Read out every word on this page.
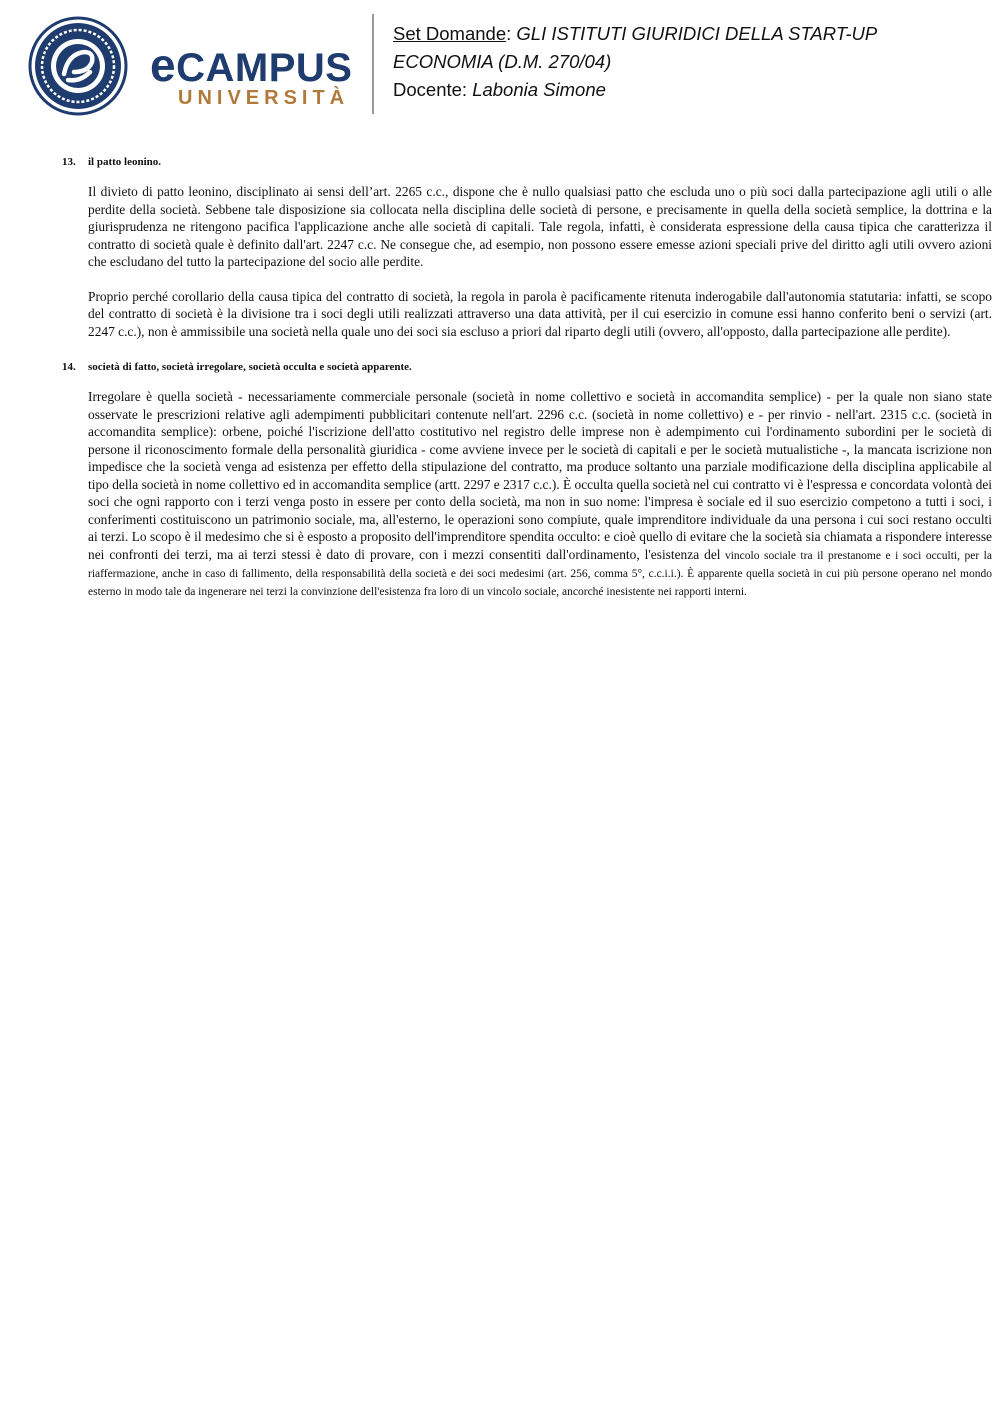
eCAMPUS
UNIVERSITÀ
Set Domande: GLI ISTITUTI GIURIDICI DELLA START-UP
ECONOMIA (D.M. 270/04)
Docente: Labonia Simone
13.	il patto leonino.
Il divieto di patto leonino, disciplinato ai sensi dell’art. 2265 c.c., dispone che è nullo qualsiasi patto che escluda uno o più soci dalla partecipazione agli utili o alle perdite della società. Sebbene tale disposizione sia collocata nella disciplina delle società di persone, e precisamente in quella della società semplice, la dottrina e la giurisprudenza ne ritengono pacifica l'applicazione anche alle società di capitali. Tale regola, infatti, è considerata espressione della causa tipica che caratterizza il contratto di società quale è definito dall'art. 2247 c.c. Ne consegue che, ad esempio, non possono essere emesse azioni speciali prive del diritto agli utili ovvero azioni che escludano del tutto la partecipazione del socio alle perdite.
Proprio perché corollario della causa tipica del contratto di società, la regola in parola è pacificamente ritenuta inderogabile dall'autonomia statutaria: infatti, se scopo del contratto di società è la divisione tra i soci degli utili realizzati attraverso una data attività, per il cui esercizio in comune essi hanno conferito beni o servizi (art. 2247 c.c.), non è ammissibile una società nella quale uno dei soci sia escluso a priori dal riparto degli utili (ovvero, all'opposto, dalla partecipazione alle perdite).
14.	società di fatto, società irregolare, società occulta e società apparente.
Irregolare è quella società - necessariamente commerciale personale (società in nome collettivo e società in accomandita semplice) - per la quale non siano state osservate le prescrizioni relative agli adempimenti pubblicitari contenute nell'art. 2296 c.c. (società in nome collettivo) e - per rinvio - nell'art. 2315 c.c. (società in accomandita semplice): orbene, poiché l'iscrizione dell'atto costitutivo nel registro delle imprese non è adempimento cui l'ordinamento subordini per le società di persone il riconoscimento formale della personalità giuridica - come avviene invece per le società di capitali e per le società mutualistiche -, la mancata iscrizione non impedisce che la società venga ad esistenza per effetto della stipulazione del contratto, ma produce soltanto una parziale modificazione della disciplina applicabile al tipo della società in nome collettivo ed in accomandita semplice (artt. 2297 e 2317 c.c.). È occulta quella società nel cui contratto vi è l'espressa e concordata volontà dei soci che ogni rapporto con i terzi venga posto in essere per conto della società, ma non in suo nome: l'impresa è sociale ed il suo esercizio competono a tutti i soci, i conferimenti costituiscono un patrimonio sociale, ma, all'esterno, le operazioni sono compiute, quale imprenditore individuale da una persona i cui soci restano occulti ai terzi. Lo scopo è il medesimo che si è esposto a proposito dell'imprenditore spendita occulto: e cioè quello di evitare che la società sia chiamata a rispondere interesse nei confronti dei terzi, ma ai terzi stessi è dato di provare, con i mezzi consentiti dall'ordinamento, l'esistenza del vincolo sociale tra il prestanome e i soci occulti, per la riaffermazione, anche in caso di fallimento, della responsabilità della società e dei soci medesimi (art. 256, comma 5°, c.c.i.i.). È apparente quella società in cui più persone operano nel mondo esterno in modo tale da ingenerare nei terzi la convinzione dell'esistenza fra loro di un vincolo sociale, ancorché inesistente nei rapporti interni.
